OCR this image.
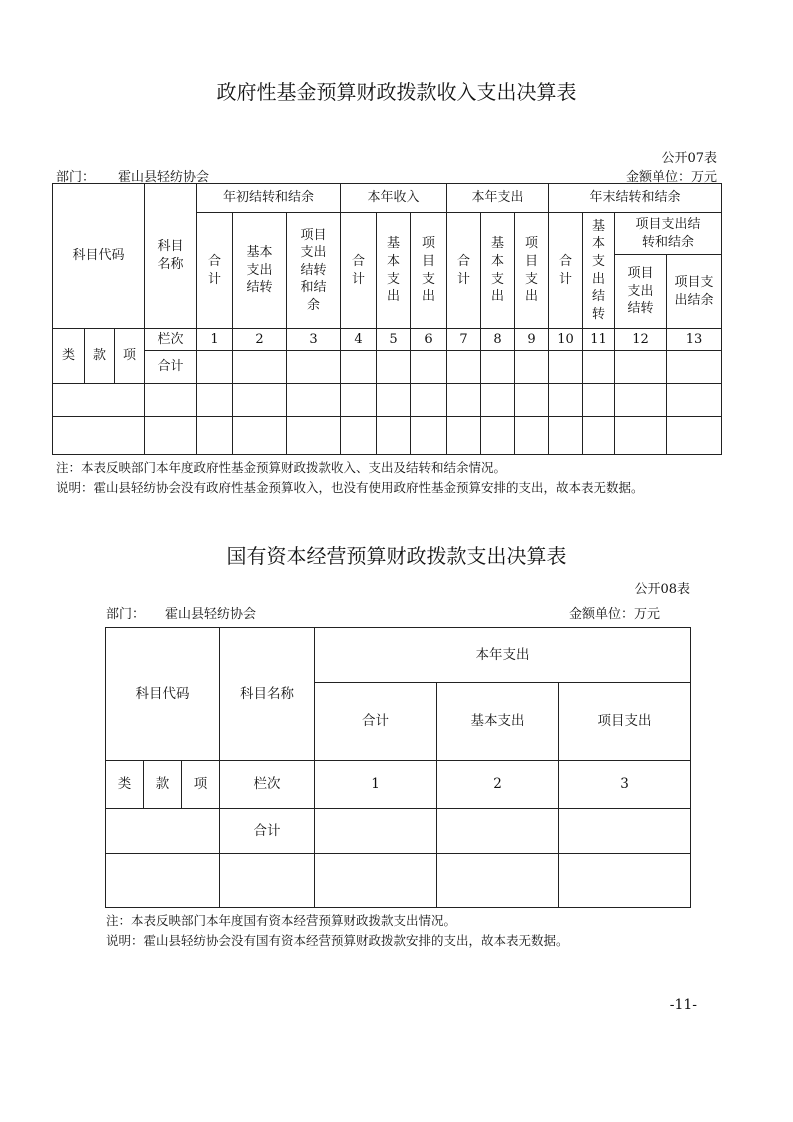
政府性基金预算财政拨款收入支出决算表
公开07表
部门： 霍山县轻纺协会	金额单位：万元
科目代码			科目名称	年初结转和结余			本年收入			本年支出			年末结转和结余			
				合计	基本支出结转	项目支出结转和结余	合计	基本支出	项目支出	合计	基本支出	项目支出	合计	基本支出结转	项目支出结转和结余	
															项目支出结转	项目支出结余
类	款	项	栏次	1	2	3	4	5	6	7	8	9	10	11	12	13
			合计													

注：本表反映部门本年度政府性基金预算财政拨款收入、支出及结转和结余情况。
说明：霍山县轻纺协会没有政府性基金预算收入，也没有使用政府性基金预算安排的支出，故本表无数据。
国有资本经营预算财政拨款支出决算表
公开08表
部门： 霍山县轻纺协会	金额单位：万元
科目代码			科目名称	本年支出		
				合计	基本支出	项目支出
类	款	项	栏次	1	2	3
			合计			

注：本表反映部门本年度国有资本经营预算财政拨款支出情况。
说明：霍山县轻纺协会没有国有资本经营预算财政拨款安排的支出，故本表无数据。
-11-
